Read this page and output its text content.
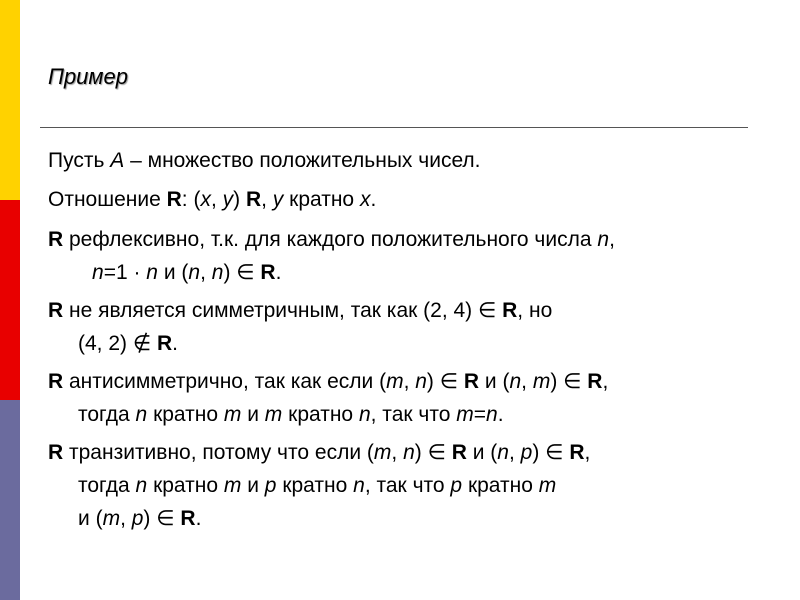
Пример
Пусть A – множество положительных чисел.
Отношение R: (x, y) R, y кратно x.
R рефлексивно, т.к. для каждого положительного числа n,
n=1 · n и (n, n) ∈ R.
R не является симметричным, так как (2, 4) ∈ R, но
(4, 2) ∉ R.
R антисимметрично, так как если (m, n) ∈ R и (n, m) ∈ R,
тогда n кратно m и m кратно n, так что m=n.
R транзитивно, потому что если (m, n) ∈ R и (n, p) ∈ R,
тогда n кратно m и p кратно n, так что p кратно m
и (m, p) ∈ R.
